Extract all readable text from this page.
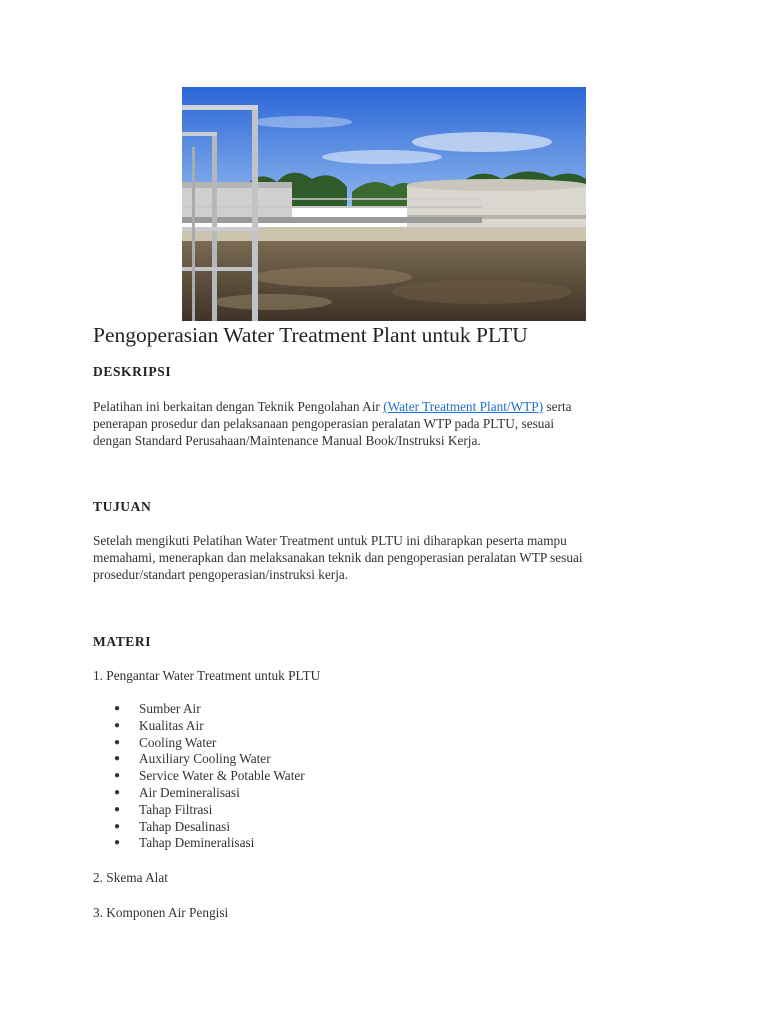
Pengoperasian Water Treatment Plant untuk PLTU
DESKRIPSI
Pelatihan ini berkaitan dengan Teknik Pengolahan Air (Water Treatment Plant/WTP) serta
penerapan prosedur dan pelaksanaan pengoperasian peralatan WTP pada PLTU, sesuai
dengan Standard Perusahaan/Maintenance Manual Book/Instruksi Kerja.
TUJUAN
Setelah mengikuti Pelatihan Water Treatment untuk PLTU ini diharapkan peserta mampu
memahami, menerapkan dan melaksanakan teknik dan pengoperasian peralatan WTP sesuai
prosedur/standart pengoperasian/instruksi kerja.
MATERI
1. Pengantar Water Treatment untuk PLTU
● Sumber Air
● Kualitas Air
● Cooling Water
● Auxiliary Cooling Water
● Service Water & Potable Water
● Air Demineralisasi
● Tahap Filtrasi
● Tahap Desalinasi
● Tahap Demineralisasi
2. Skema Alat
3. Komponen Air Pengisi
